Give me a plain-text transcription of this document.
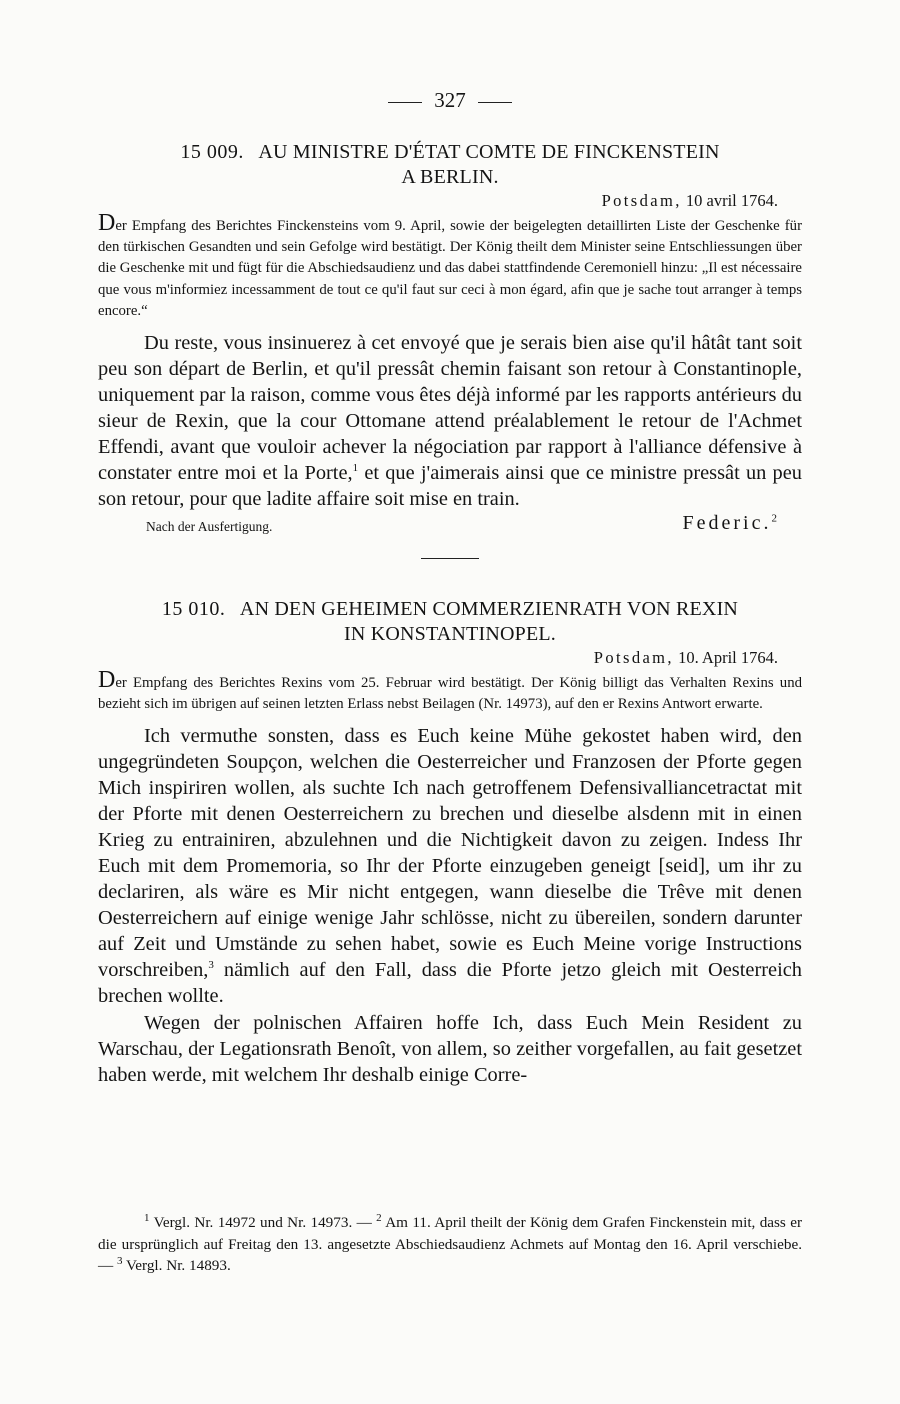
327
15 009. AU MINISTRE D'ÉTAT COMTE DE FINCKENSTEIN
A BERLIN.
Potsdam, 10 avril 1764.
Der Empfang des Berichtes Finckensteins vom 9. April, sowie der beigelegten detaillirten Liste der Geschenke für den türkischen Gesandten und sein Gefolge wird bestätigt. Der König theilt dem Minister seine Entschliessungen über die Geschenke mit und fügt für die Abschiedsaudienz und das dabei stattfindende Ceremoniell hinzu: „Il est nécessaire que vous m'informiez incessamment de tout ce qu'il faut sur ceci à mon égard, afin que je sache tout arranger à temps encore.“

Du reste, vous insinuerez à cet envoyé que je serais bien aise qu'il hâtât tant soit peu son départ de Berlin, et qu'il pressât chemin faisant son retour à Constantinople, uniquement par la raison, comme vous êtes déjà informé par les rapports antérieurs du sieur de Rexin, que la cour Ottomane attend préalablement le retour de l'Achmet Effendi, avant que vouloir achever la négociation par rapport à l'alliance défensive à constater entre moi et la Porte,$^1$ et que j'aimerais ainsi que ce ministre pressât un peu son retour, pour que ladite affaire soit mise en train.

Nach der Ausfertigung.	Federic.$^2$
15 010. AN DEN GEHEIMEN COMMERZIENRATH VON REXIN
IN KONSTANTINOPEL.
Potsdam, 10. April 1764.
Der Empfang des Berichtes Rexins vom 25. Februar wird bestätigt. Der König billigt das Verhalten Rexins und bezieht sich im übrigen auf seinen letzten Erlass nebst Beilagen (Nr. 14973), auf den er Rexins Antwort erwarte.

Ich vermuthe sonsten, dass es Euch keine Mühe gekostet haben wird, den ungegründeten Soupçon, welchen die Oesterreicher und Franzosen der Pforte gegen Mich inspiriren wollen, als suchte Ich nach getroffenem Defensivalliancetractat mit der Pforte mit denen Oesterreichern zu brechen und dieselbe alsdenn mit in einen Krieg zu entrainiren, abzulehnen und die Nichtigkeit davon zu zeigen. Indess Ihr Euch mit dem Promemoria, so Ihr der Pforte einzugeben geneigt [seid], um ihr zu declariren, als wäre es Mir nicht entgegen, wann dieselbe die Trêve mit denen Oesterreichern auf einige wenige Jahr schlösse, nicht zu übereilen, sondern darunter auf Zeit und Umstände zu sehen habet, sowie es Euch Meine vorige Instructions vorschreiben,$^3$ nämlich auf den Fall, dass die Pforte jetzo gleich mit Oesterreich brechen wollte.

Wegen der polnischen Affairen hoffe Ich, dass Euch Mein Resident zu Warschau, der Legationsrath Benoît, von allem, so zeither vorgefallen, au fait gesetzet haben werde, mit welchem Ihr deshalb einige Corre-

$^1$ Vergl. Nr. 14972 und Nr. 14973. — $^2$ Am 11. April theilt der König dem Grafen Finckenstein mit, dass er die ursprünglich auf Freitag den 13. angesetzte Abschiedsaudienz Achmets auf Montag den 16. April verschiebe. — $^3$ Vergl. Nr. 14893.
